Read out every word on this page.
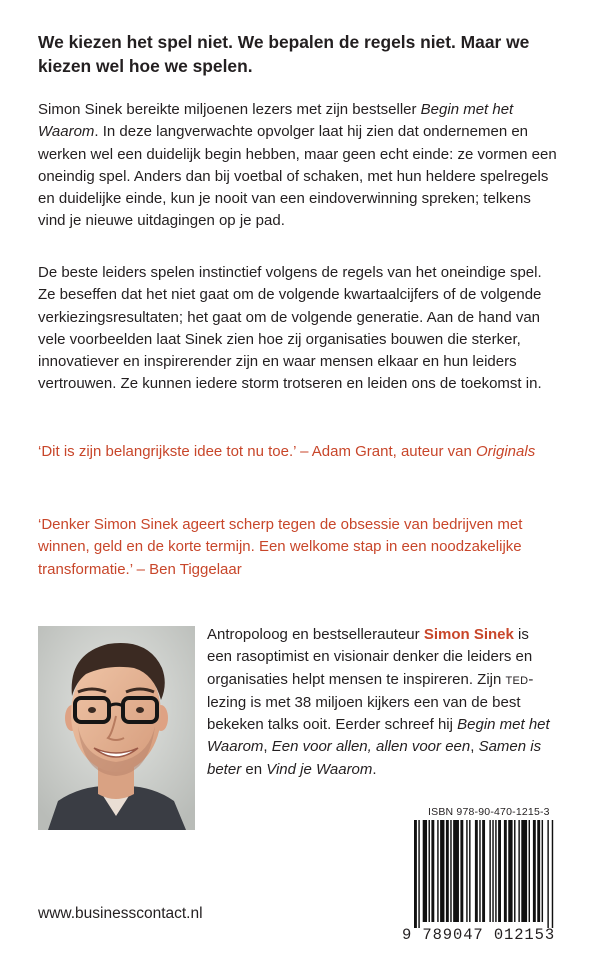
We kiezen het spel niet. We bepalen de regels niet. Maar we
kiezen wel hoe we spelen.

Simon Sinek bereikte miljoenen lezers met zijn bestseller Begin met het Waarom. In deze langverwachte opvolger laat hij zien dat ondernemen en werken wel een duidelijk begin hebben, maar geen echt einde: ze vormen een oneindig spel. Anders dan bij voetbal of schaken, met hun heldere spelregels en duidelijke einde, kun je nooit van een eindoverwinning spreken; telkens vind je nieuwe uitdagingen op je pad.

De beste leiders spelen instinctief volgens de regels van het oneindige spel. Ze beseffen dat het niet gaat om de volgende kwartaalcijfers of de volgende verkiezingsresultaten; het gaat om de volgende generatie. Aan de hand van vele voorbeelden laat Sinek zien hoe zij organisaties bouwen die sterker, innovatiever en inspirerender zijn en waar mensen elkaar en hun leiders vertrouwen. Ze kunnen iedere storm trotseren en leiden ons de toekomst in.

‘Dit is zijn belangrijkste idee tot nu toe.’ – Adam Grant, auteur van Originals

‘Denker Simon Sinek ageert scherp tegen de obsessie van bedrijven met winnen, geld en de korte termijn. Een welkome stap in een noodzakelijke transformatie.’ – Ben Tiggelaar

Antropoloog en bestsellerauteur Simon Sinek is een rasoptimist en visionair denker die leiders en organisaties helpt mensen te inspireren. Zijn TED-lezing is met 38 miljoen kijkers een van de best bekeken talks ooit. Eerder schreef hij Begin met het Waarom, Een voor allen, allen voor een, Samen is beter en Vind je Waarom.

ISBN 978-90-470-1215-3
9 789047 012153
www.businesscontact.nl
